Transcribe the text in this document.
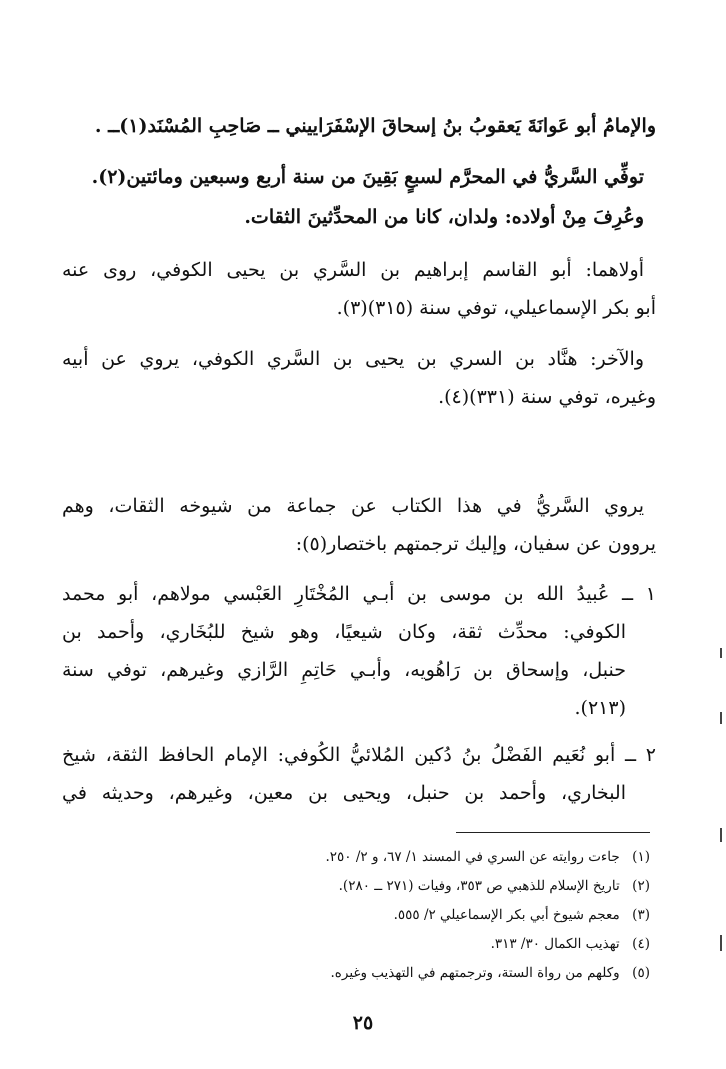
والإمامُ أبو عَوانَةَ يَعقوبُ بنُ إسحاقَ الإسْفَرَاييني ــ صَاحِبِ المُسْنَد(١)ــ .
توفِّي السَّريُّ في المحرَّم لسبعٍ بَقِينَ من سنة أربع وسبعين ومائتين(٢).
وعُرِفَ مِنْ أولاده: ولدان، كانا من المحدِّثينَ الثقات.
أولاهما: أبو القاسم إبراهيم بن السَّري بن يحيى الكوفي، روى عنه
أبو بكر الإسماعيلي، توفي سنة (٣١٥)(٣).
والآخر: هنَّاد بن السري بن يحيى بن السَّري الكوفي، يروي عن أبيه
وغيره، توفي سنة (٣٣١)(٤).
يروي السَّريُّ في هذا الكتاب عن جماعة من شيوخه الثقات، وهم
يروون عن سفيان، وإليك ترجمتهم باختصار(٥):
١ ــ عُبيدُ الله بن موسى بن أبـي المُخْتَارِ العَبْسي مولاهم، أبو محمد
الكوفي: محدِّث ثقة، وكان شيعيًا، وهو شيخ للبُخَاري، وأحمد بن
حنبل، وإسحاق بن رَاهُويه، وأبـي حَاتِمِ الرَّازي وغيرهم، توفي سنة
(٢١٣).
٢ ــ أبو نُعَيم الفَضْلُ بنُ دُكين المُلائيُّ الكُوفي: الإمام الحافظ الثقة، شيخ
البخاري، وأحمد بن حنبل، ويحيى بن معين، وغيرهم، وحديثه في
(١) جاءت روايته عن السري في المسند ١/ ٦٧، و ٢/ ٢٥٠.
(٢) تاريخ الإسلام للذهبي ص ٣٥٣، وفيات (٢٧١ ــ ٢٨٠).
(٣) معجم شيوخ أبي بكر الإسماعيلي ٢/ ٥٥٥.
(٤) تهذيب الكمال ٣٠/ ٣١٣.
(٥) وكلهم من رواة الستة، وترجمتهم في التهذيب وغيره.
٢٥
